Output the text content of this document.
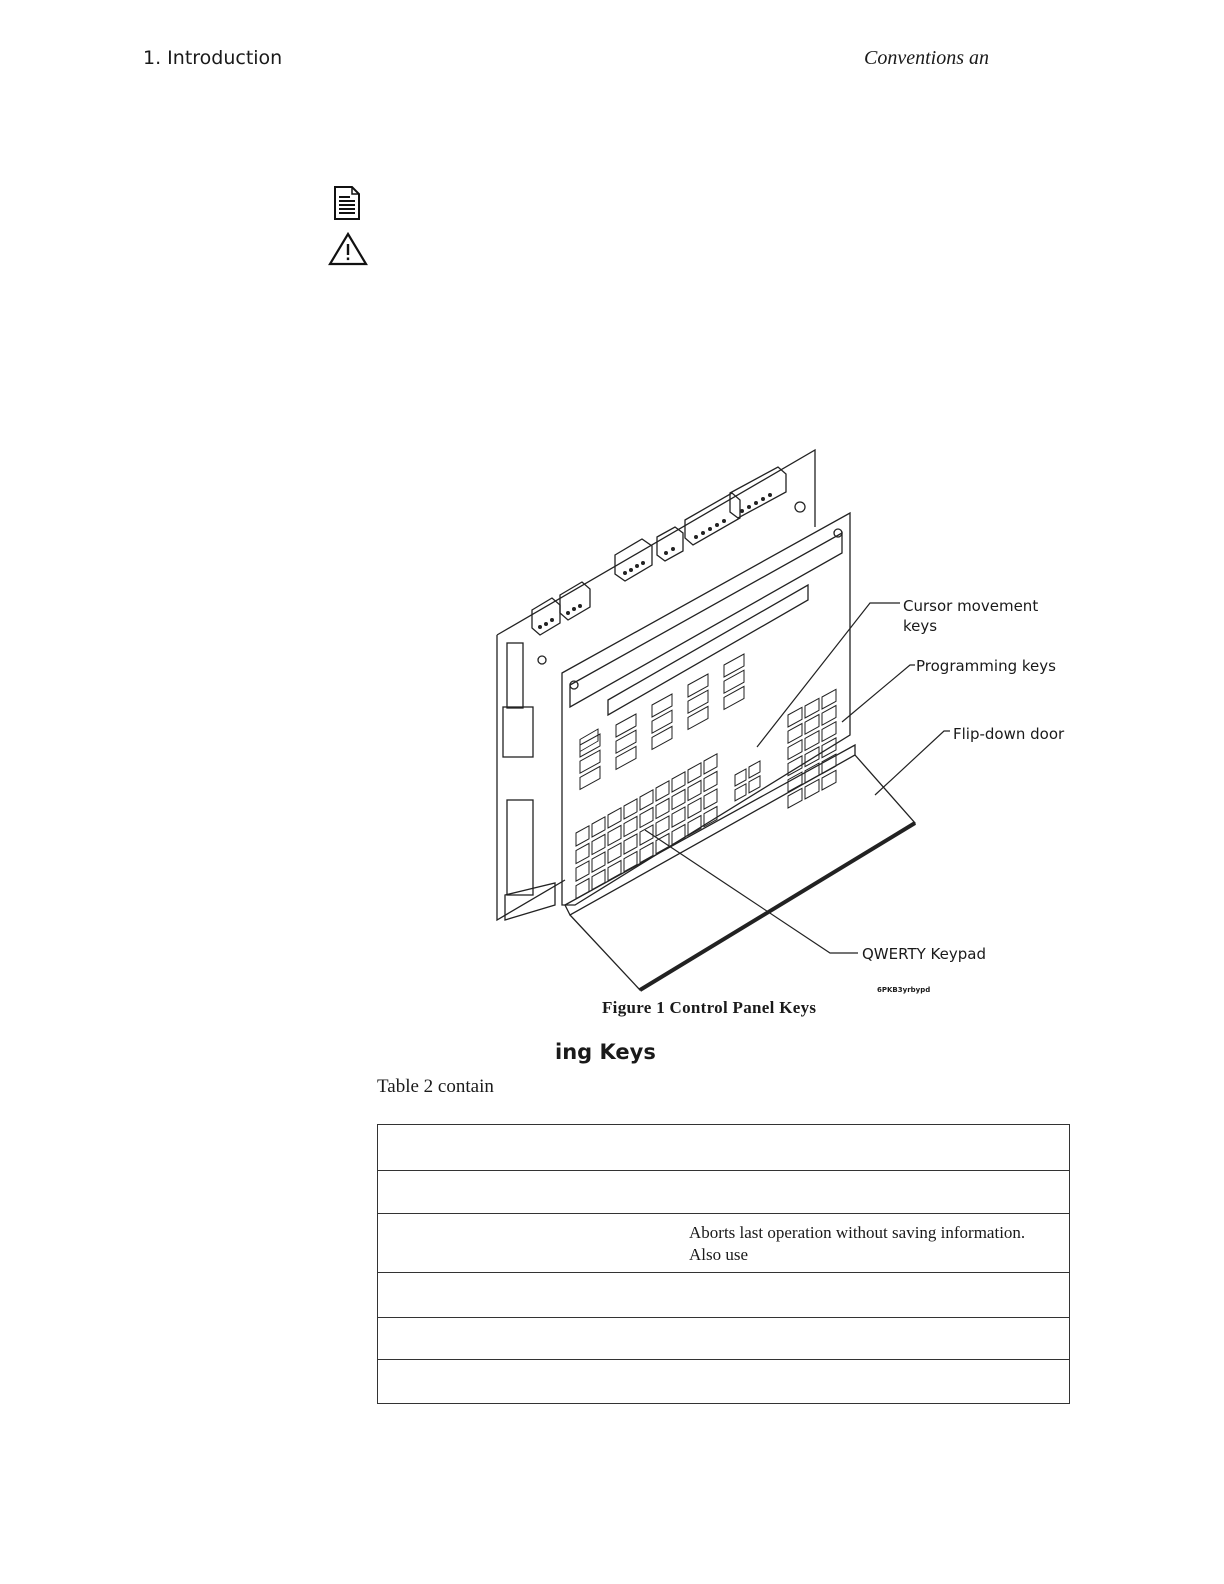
1. Introduction	Conventions an
Cursor movement
keys
Programming keys
Flip-down door
QWERTY Keypad
6PKB3yrbypd
Figure 1 Control Panel Keys
ing Keys
Table 2 contain

	Aborts last operation without saving information.
Also use
